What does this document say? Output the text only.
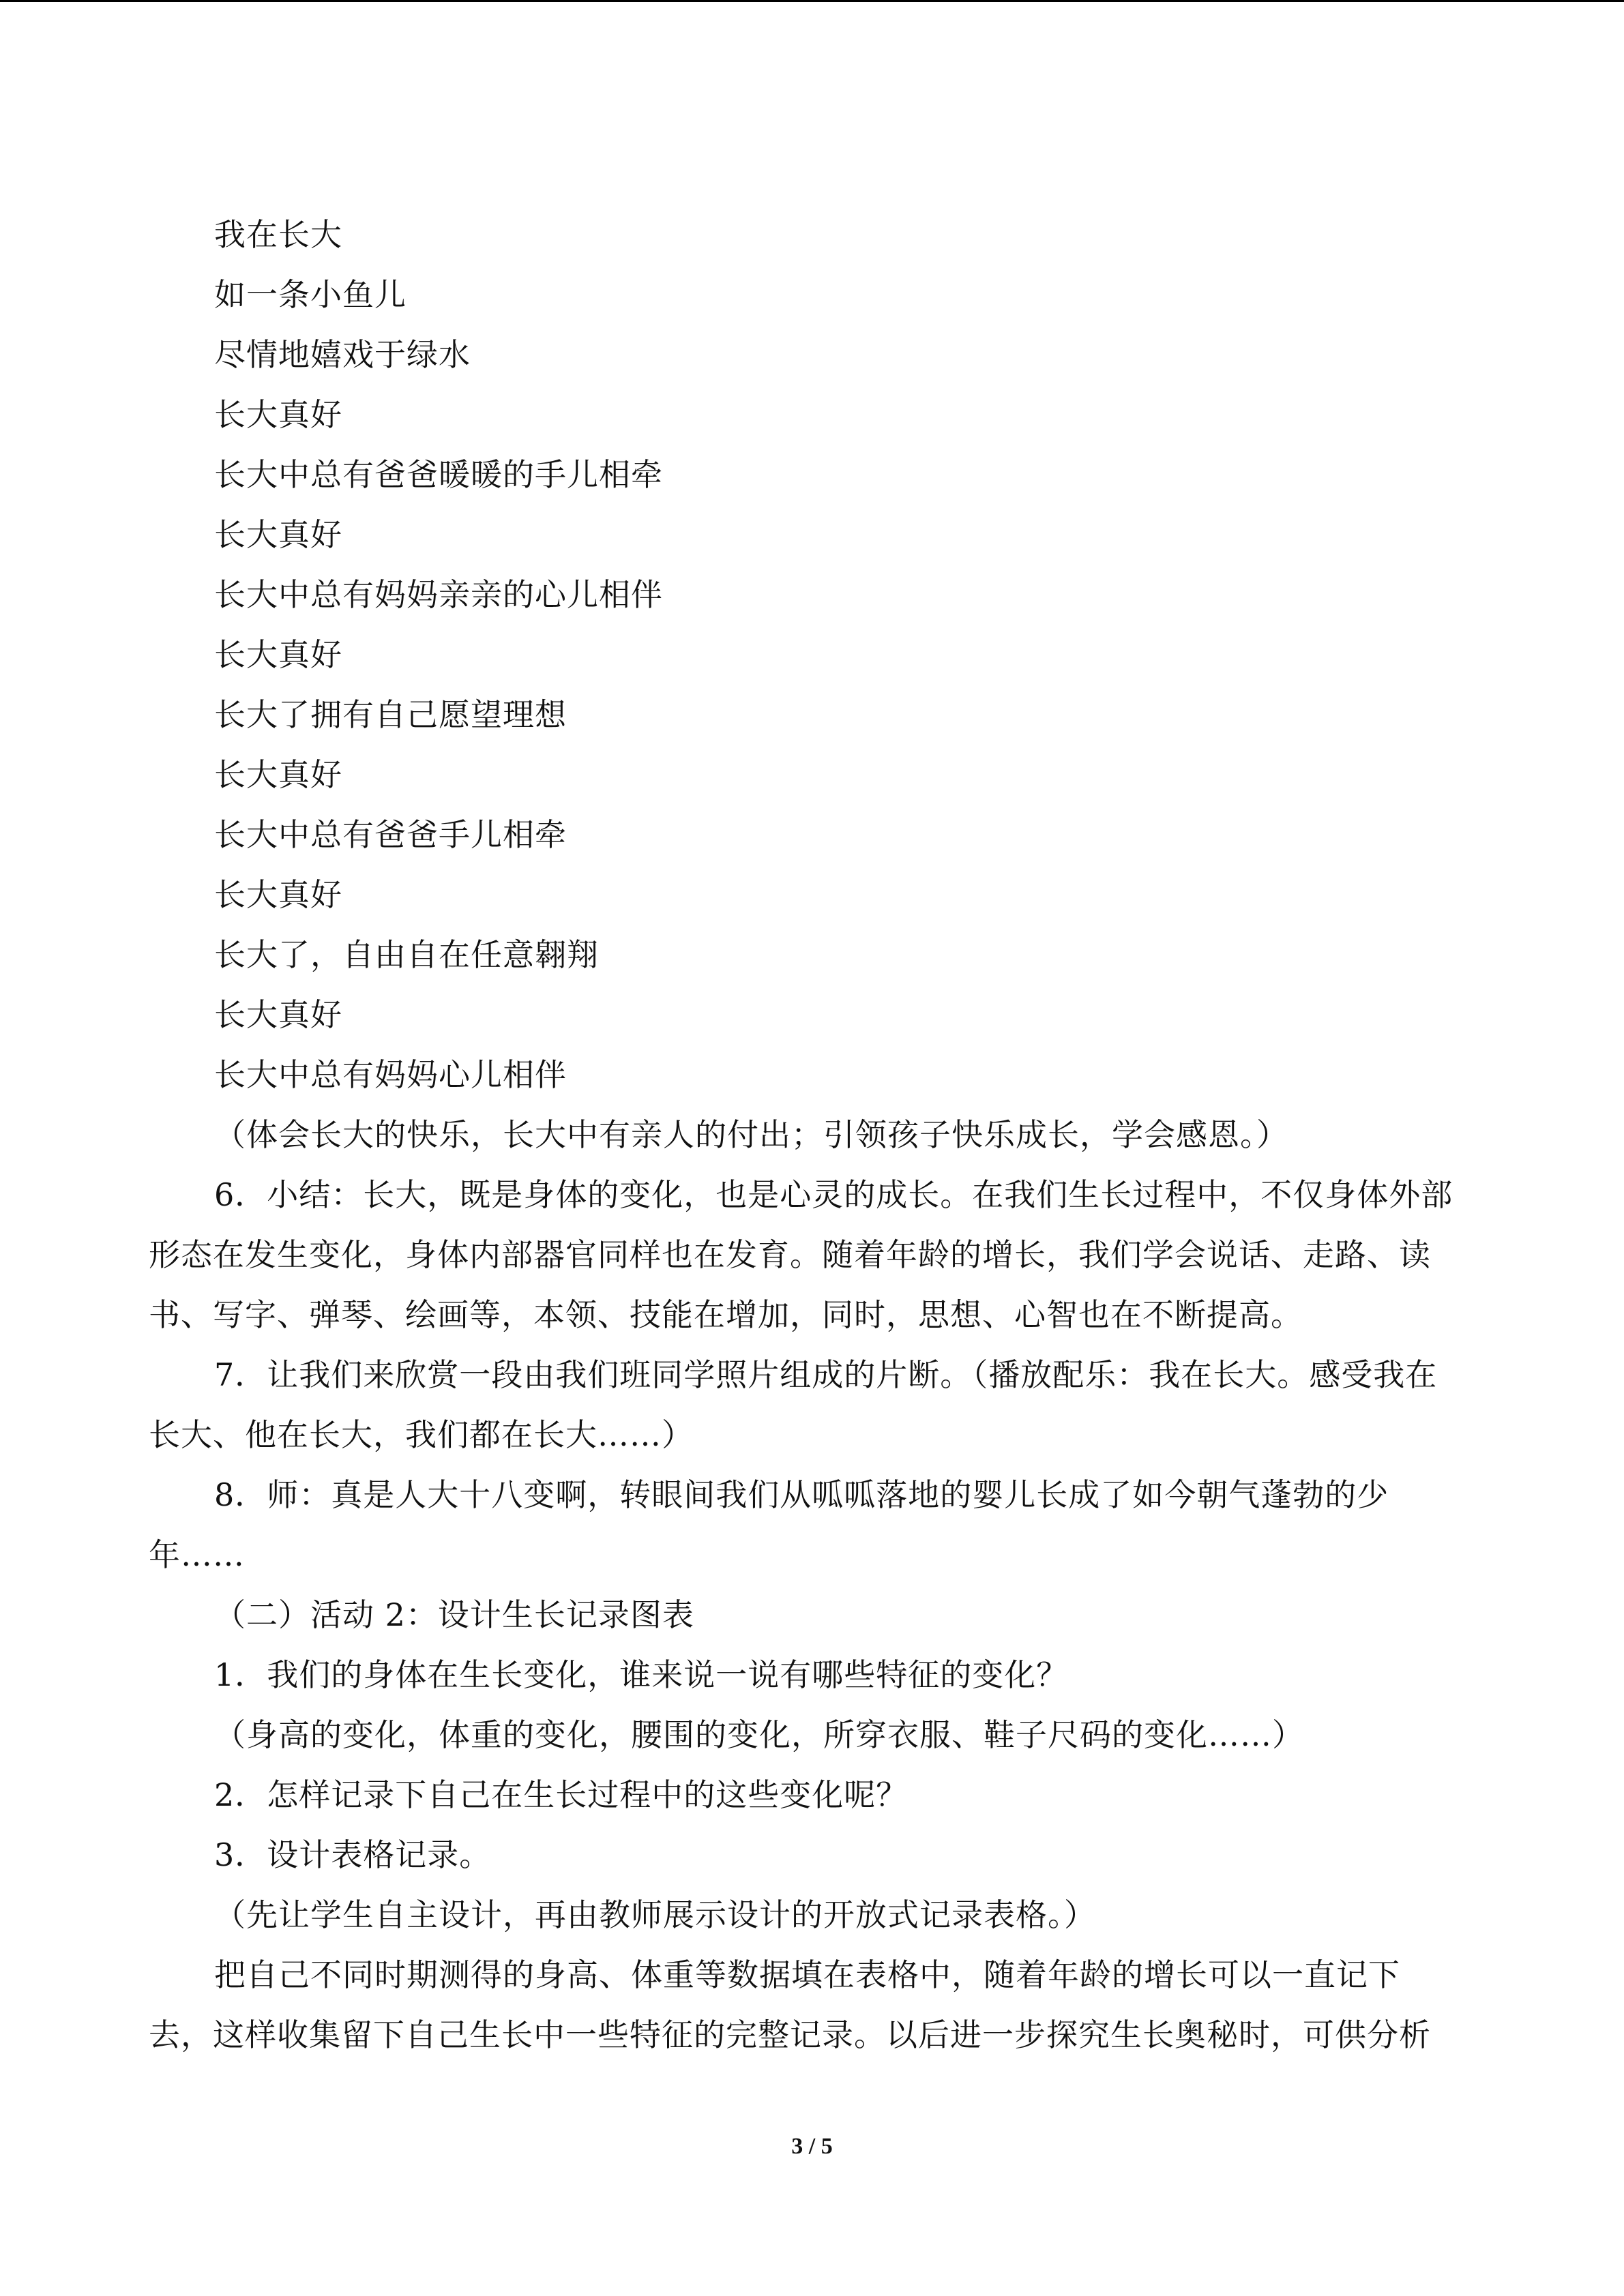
我在长大
如一条小鱼儿
尽情地嬉戏于绿水
长大真好
长大中总有爸爸暖暖的手儿相牵
长大真好
长大中总有妈妈亲亲的心儿相伴
长大真好
长大了拥有自己愿望理想
长大真好
长大中总有爸爸手儿相牵
长大真好
长大了，自由自在任意翱翔
长大真好
长大中总有妈妈心儿相伴
（体会长大的快乐，长大中有亲人的付出；引领孩子快乐成长，学会感恩。）
6．小结：长大，既是身体的变化，也是心灵的成长。在我们生长过程中，不仅身体外部
形态在发生变化，身体内部器官同样也在发育。随着年龄的增长，我们学会说话、走路、读
书、写字、弹琴、绘画等，本领、技能在增加，同时，思想、心智也在不断提高。
7．让我们来欣赏一段由我们班同学照片组成的片断。（播放配乐：我在长大。感受我在
长大、他在长大，我们都在长大……）
8．师：真是人大十八变啊，转眼间我们从呱呱落地的婴儿长成了如今朝气蓬勃的少
年……
（二）活动 2：设计生长记录图表
1．我们的身体在生长变化，谁来说一说有哪些特征的变化？
（身高的变化，体重的变化，腰围的变化，所穿衣服、鞋子尺码的变化……）
2．怎样记录下自己在生长过程中的这些变化呢？
3．设计表格记录。
（先让学生自主设计，再由教师展示设计的开放式记录表格。）
把自己不同时期测得的身高、体重等数据填在表格中，随着年龄的增长可以一直记下
去，这样收集留下自己生长中一些特征的完整记录。以后进一步探究生长奥秘时，可供分析
3 / 5
